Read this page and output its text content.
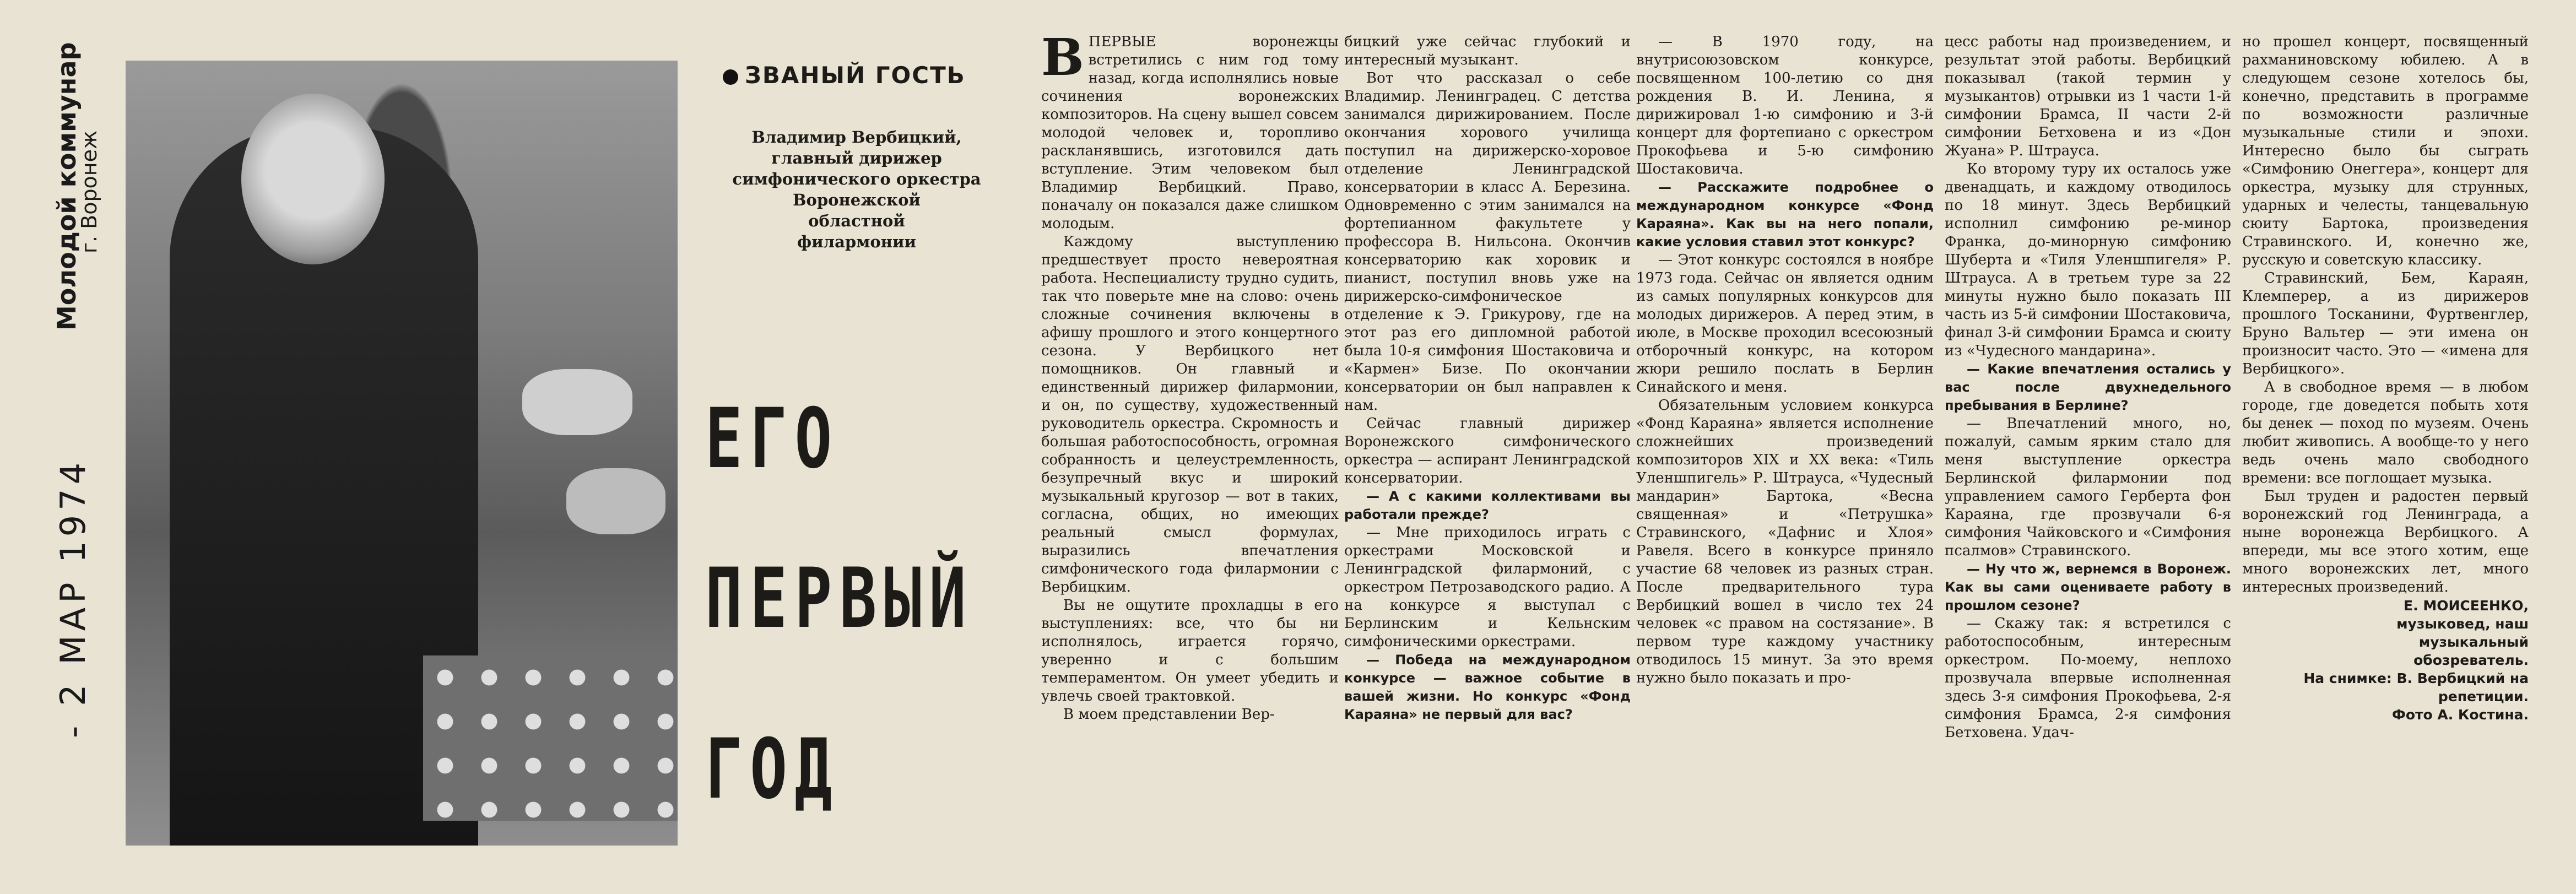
Молодой коммунар
г. Воронеж
- 2 МАР 1974
ЗВАНЫЙ ГОСТЬ
Владимир Вербицкий,
главный дирижер
симфонического оркестра
Воронежской
областной
филармонии
ЕГО
ПЕРВЫЙ
ГОД

ВПЕРВЫЕ воронежцы встретились с ним год тому назад, когда исполнялись новые сочинения воронежских композиторов. На сцену вышел совсем молодой человек и, торопливо раскланявшись, изготовился дать вступление. Этим человеком был Владимир Вербицкий. Право, поначалу он показался даже слишком молодым.

Каждому выступлению предшествует просто невероятная работа. Неспециалисту трудно судить, так что поверьте мне на слово: очень сложные сочинения включены в афишу прошлого и этого концертного сезона. У Вербицкого нет помощников. Он главный и единственный дирижер филармонии, и он, по существу, художественный руководитель оркестра. Скромность и большая работоспособность, огромная собранность и целеустремленность, безупречный вкус и широкий музыкальный кругозор — вот в таких, согласна, общих, но имеющих реальный смысл формулах, выразились впечатления симфонического года филармонии с Вербицким.

Вы не ощутите прохладцы в его выступлениях: все, что бы ни исполнялось, играется горячо, уверенно и с большим темпераментом. Он умеет убедить и увлечь своей трактовкой.

В моем представлении Вер-

бицкий уже сейчас глубокий и интересный музыкант.

Вот что рассказал о себе Владимир. Ленинградец. С детства занимался дирижированием. После окончания хорового училища поступил на дирижерско-хоровое отделение Ленинградской консерватории в класс А. Березина. Одновременно с этим занимался на фортепианном факультете у профессора В. Нильсона. Окончив консерваторию как хоровик и пианист, поступил вновь уже на дирижерско-симфоническое отделение к Э. Грикурову, где на этот раз его дипломной работой была 10-я симфония Шостаковича и «Кармен» Бизе. По окончании консерватории он был направлен к нам.

Сейчас главный дирижер Воронежского симфонического оркестра — аспирант Ленинградской консерватории.

— А с какими коллективами вы работали прежде?

— Мне приходилось играть с оркестрами Московской и Ленинградской филармоний, с оркестром Петрозаводского радио. А на конкурсе я выступал с Берлинским и Кельнским симфоническими оркестрами.

— Победа на международном конкурсе — важное событие в вашей жизни. Но конкурс «Фонд Караяна» не первый для вас?

— В 1970 году, на внутрисоюзовском конкурсе, посвященном 100-летию со дня рождения В. И. Ленина, я дирижировал 1-ю симфонию и 3-й концерт для фортепиано с оркестром Прокофьева и 5-ю симфонию Шостаковича.

— Расскажите подробнее о международном конкурсе «Фонд Караяна». Как вы на него попали, какие условия ставил этот конкурс?

— Этот конкурс состоялся в ноябре 1973 года. Сейчас он является одним из самых популярных конкурсов для молодых дирижеров. А перед этим, в июле, в Москве проходил всесоюзный отборочный конкурс, на котором жюри решило послать в Берлин Синайского и меня.

Обязательным условием конкурса «Фонд Караяна» является исполнение сложнейших произведений композиторов XIX и XX века: «Тиль Уленшпигель» Р. Штрауса, «Чудесный мандарин» Бартока, «Весна священная» и «Петрушка» Стравинского, «Дафнис и Хлоя» Равеля. Всего в конкурсе приняло участие 68 человек из разных стран. После предварительного тура Вербицкий вошел в число тех 24 человек «с правом на состязание». В первом туре каждому участнику отводилось 15 минут. За это время нужно было показать и про-

цесс работы над произведением, и результат этой работы. Вербицкий показывал (такой термин у музыкантов) отрывки из 1 части 1-й симфонии Брамса, II части 2-й симфонии Бетховена и из «Дон Жуана» Р. Штрауса.

Ко второму туру их осталось уже двенадцать, и каждому отводилось по 18 минут. Здесь Вербицкий исполнил симфонию ре-минор Франка, до-минорную симфонию Шуберта и «Тиля Уленшпигеля» Р. Штрауса. А в третьем туре за 22 минуты нужно было показать III часть из 5-й симфонии Шостаковича, финал 3-й симфонии Брамса и сюиту из «Чудесного мандарина».

— Какие впечатления остались у вас после двухнедельного пребывания в Берлине?

— Впечатлений много, но, пожалуй, самым ярким стало для меня выступление оркестра Берлинской филармонии под управлением самого Герберта фон Караяна, где прозвучали 6-я симфония Чайковского и «Симфония псалмов» Стравинского.

— Ну что ж, вернемся в Воронеж. Как вы сами оцениваете работу в прошлом сезоне?

— Скажу так: я встретился с работоспособным, интересным оркестром. По-моему, неплохо прозвучала впервые исполненная здесь 3-я симфония Прокофьева, 2-я симфония Брамса, 2-я симфония Бетховена. Удач-

но прошел концерт, посвященный рахманиновскому юбилею. А в следующем сезоне хотелось бы, конечно, представить в программе по возможности различные музыкальные стили и эпохи. Интересно было бы сыграть «Симфонию Онеггера», концерт для оркестра, музыку для струнных, ударных и челесты, танцевальную сюиту Бартока, произведения Стравинского. И, конечно же, русскую и советскую классику.

Стравинский, Бем, Караян, Клемперер, а из дирижеров прошлого Тосканини, Фуртвенглер, Бруно Вальтер — эти имена он произносит часто. Это — «имена для Вербицкого».

А в свободное время — в любом городе, где доведется побыть хотя бы денек — поход по музеям. Очень любит живопись. А вообще-то у него ведь очень мало свободного времени: все поглощает музыка.

Был труден и радостен первый воронежский год Ленинграда, а ныне воронежца Вербицкого. А впереди, мы все этого хотим, еще много воронежских лет, много интересных произведений.

Е. МОИСЕЕНКО,
музыковед, наш
музыкальный
обозреватель.
На снимке: В. Вербицкий на репетиции.
Фото А. Костина.
